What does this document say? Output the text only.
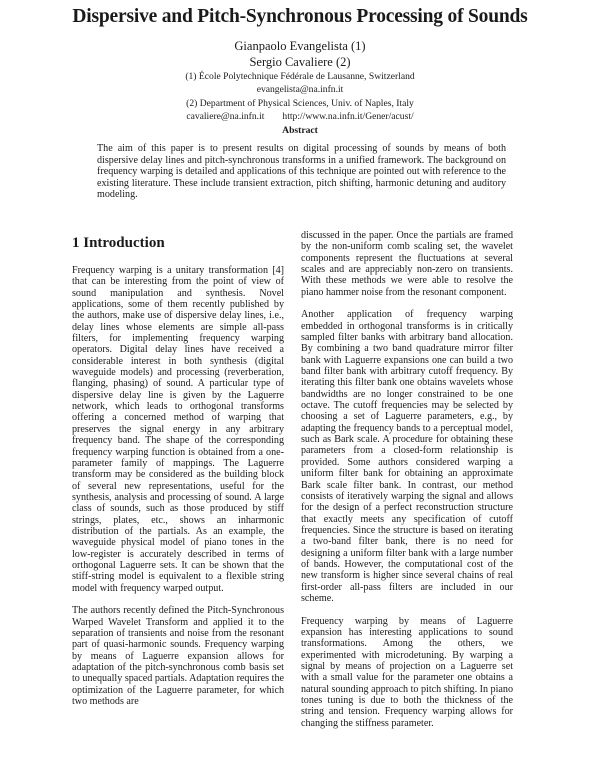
Dispersive and Pitch-Synchronous Processing of Sounds
Gianpaolo Evangelista (1)
Sergio Cavaliere (2)
(1) École Polytechnique Fédérale de Lausanne, Switzerland
evangelista@na.infn.it
(2) Department of Physical Sciences, Univ. of Naples, Italy
cavaliere@na.infn.it http://www.na.infn.it/Gener/acust/
Abstract
The aim of this paper is to present results on digital processing of sounds by means of both dispersive delay lines and pitch-synchronous transforms in a unified framework. The background on frequency warping is detailed and applications of this technique are pointed out with reference to the existing literature. These include transient extraction, pitch shifting, harmonic detuning and auditory modeling.
1 Introduction

Frequency warping is a unitary transformation [4] that can be interesting from the point of view of sound manipulation and synthesis. Novel applications, some of them recently published by the authors, make use of dispersive delay lines, i.e., delay lines whose elements are simple all-pass filters, for implementing frequency warping operators. Digital delay lines have received a considerable interest in both synthesis (digital waveguide models) and processing (reverberation, flanging, phasing) of sound. A particular type of dispersive delay line is given by the Laguerre network, which leads to orthogonal transforms offering a concerned method of warping that preserves the signal energy in any arbitrary frequency band. The shape of the corresponding frequency warping function is obtained from a one-parameter family of mappings. The Laguerre transform may be considered as the building block of several new representations, useful for the synthesis, analysis and processing of sound. A large class of sounds, such as those produced by stiff strings, plates, etc., shows an inharmonic distribution of the partials. As an example, the waveguide physical model of piano tones in the low-register is accurately described in terms of orthogonal Laguerre sets. It can be shown that the stiff-string model is equivalent to a flexible string model with frequency warped output.

The authors recently defined the Pitch-Synchronous Warped Wavelet Transform and applied it to the separation of transients and noise from the resonant part of quasi-harmonic sounds. Frequency warping by means of Laguerre expansion allows for adaptation of the pitch-synchronous comb basis set to unequally spaced partials. Adaptation requires the optimization of the Laguerre parameter, for which two methods are

discussed in the paper. Once the partials are framed by the non-uniform comb scaling set, the wavelet components represent the fluctuations at several scales and are appreciably non-zero on transients. With these methods we were able to resolve the piano hammer noise from the resonant component.

Another application of frequency warping embedded in orthogonal transforms is in critically sampled filter banks with arbitrary band allocation. By combining a two band quadrature mirror filter bank with Laguerre expansions one can build a two band filter bank with arbitrary cutoff frequency. By iterating this filter bank one obtains wavelets whose bandwidths are no longer constrained to be one octave. The cutoff frequencies may be selected by choosing a set of Laguerre parameters, e.g., by adapting the frequency bands to a perceptual model, such as Bark scale. A procedure for obtaining these parameters from a closed-form relationship is provided. Some authors considered warping a uniform filter bank for obtaining an approximate Bark scale filter bank. In contrast, our method consists of iteratively warping the signal and allows for the design of a perfect reconstruction structure that exactly meets any specification of cutoff frequencies. Since the structure is based on iterating a two-band filter bank, there is no need for designing a uniform filter bank with a large number of bands. However, the computational cost of the new transform is higher since several chains of real first-order all-pass filters are included in our scheme.

Frequency warping by means of Laguerre expansion has interesting applications to sound transformations. Among the others, we experimented with microdetuning. By warping a signal by means of projection on a Laguerre set with a small value for the parameter one obtains a natural sounding approach to pitch shifting. In piano tones tuning is due to both the thickness of the string and tension. Frequency warping allows for changing the stiffness parameter.
